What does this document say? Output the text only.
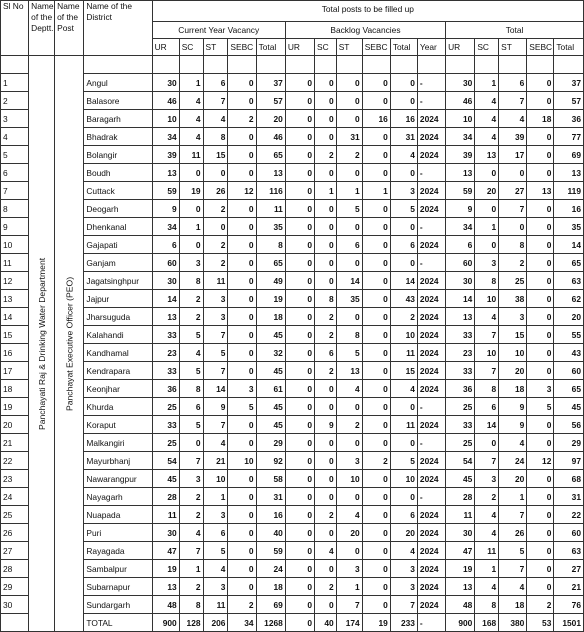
Sl No	Name of the Deptt.	Name of the Post	Name of the District	Total posts to be filled up															
				Current Year Vacancy					Backlog Vacancies						Total				
				UR	SC	ST	SEBC	Total	UR	SC	ST	SEBC	Total	Year	UR	SC	ST	SEBC	Total
	Panchayati Raj & Drinking Water Department	Panchayat Executive Officer (PEO)																	
1			Angul	30	1	6	0	37	0	0	0	0	0	-	30	1	6	0	37
2			Balasore	46	4	7	0	57	0	0	0	0	0	-	46	4	7	0	57
3			Baragarh	10	4	4	2	20	0	0	0	16	16	2024	10	4	4	18	36
4			Bhadrak	34	4	8	0	46	0	0	31	0	31	2024	34	4	39	0	77
5			Bolangir	39	11	15	0	65	0	2	2	0	4	2024	39	13	17	0	69
6			Boudh	13	0	0	0	13	0	0	0	0	0	-	13	0	0	0	13
7			Cuttack	59	19	26	12	116	0	1	1	1	3	2024	59	20	27	13	119
8			Deogarh	9	0	2	0	11	0	0	5	0	5	2024	9	0	7	0	16
9			Dhenkanal	34	1	0	0	35	0	0	0	0	0	-	34	1	0	0	35
10			Gajapati	6	0	2	0	8	0	0	6	0	6	2024	6	0	8	0	14
11			Ganjam	60	3	2	0	65	0	0	0	0	0	-	60	3	2	0	65
12			Jagatsinghpur	30	8	11	0	49	0	0	14	0	14	2024	30	8	25	0	63
13			Jajpur	14	2	3	0	19	0	8	35	0	43	2024	14	10	38	0	62
14			Jharsuguda	13	2	3	0	18	0	2	0	0	2	2024	13	4	3	0	20
15			Kalahandi	33	5	7	0	45	0	2	8	0	10	2024	33	7	15	0	55
16			Kandhamal	23	4	5	0	32	0	6	5	0	11	2024	23	10	10	0	43
17			Kendrapara	33	5	7	0	45	0	2	13	0	15	2024	33	7	20	0	60
18			Keonjhar	36	8	14	3	61	0	0	4	0	4	2024	36	8	18	3	65
19			Khurda	25	6	9	5	45	0	0	0	0	0	-	25	6	9	5	45
20			Koraput	33	5	7	0	45	0	9	2	0	11	2024	33	14	9	0	56
21			Malkangiri	25	0	4	0	29	0	0	0	0	0	-	25	0	4	0	29
22			Mayurbhanj	54	7	21	10	92	0	0	3	2	5	2024	54	7	24	12	97
23			Nawarangpur	45	3	10	0	58	0	0	10	0	10	2024	45	3	20	0	68
24			Nayagarh	28	2	1	0	31	0	0	0	0	0	-	28	2	1	0	31
25			Nuapada	11	2	3	0	16	0	2	4	0	6	2024	11	4	7	0	22
26			Puri	30	4	6	0	40	0	0	20	0	20	2024	30	4	26	0	60
27			Rayagada	47	7	5	0	59	0	4	0	0	4	2024	47	11	5	0	63
28			Sambalpur	19	1	4	0	24	0	0	3	0	3	2024	19	1	7	0	27
29			Subarnapur	13	2	3	0	18	0	2	1	0	3	2024	13	4	4	0	21
30			Sundargarh	48	8	11	2	69	0	0	7	0	7	2024	48	8	18	2	76
			TOTAL	900	128	206	34	1268	0	40	174	19	233	-	900	168	380	53	1501
